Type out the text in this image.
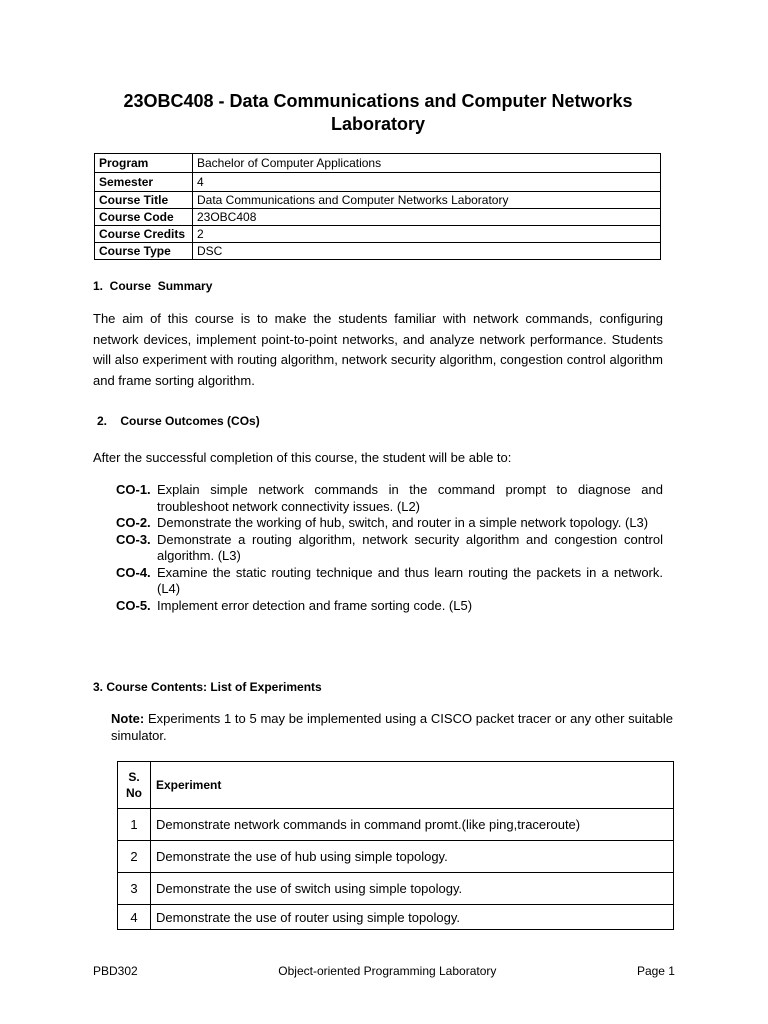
23OBC408 - Data Communications and Computer Networks Laboratory
Program	Bachelor of Computer Applications
Semester	4
Course Title	Data Communications and Computer Networks Laboratory
Course Code	23OBC408
Course Credits	2
Course Type	DSC
1.  Course  Summary
The aim of this course is to make the students familiar with network commands, configuring network devices, implement point-to-point networks, and analyze network performance. Students will also experiment with routing algorithm, network security algorithm, congestion control algorithm and frame sorting algorithm.
2.    Course Outcomes (COs)
After the successful completion of this course, the student will be able to:
CO-1. Explain simple network commands in the command prompt to diagnose and troubleshoot network connectivity issues. (L2)
CO-2. Demonstrate the working of hub, switch, and router in a simple network topology. (L3)
CO-3. Demonstrate a routing algorithm, network security algorithm and congestion control algorithm. (L3)
CO-4. Examine the static routing technique and thus learn routing the packets in a network.(L4)
CO-5. Implement error detection and frame sorting code. (L5)
3. Course Contents: List of Experiments
Note: Experiments 1 to 5 may be implemented using a CISCO packet tracer or any other suitable simulator.
S. No	Experiment
1	Demonstrate network commands in command promt.(like ping,traceroute)
2	Demonstrate the use of hub using simple topology.
3	Demonstrate the use of switch using simple topology.
4	Demonstrate the use of router using simple topology.
PBD302	Object-oriented Programming Laboratory	Page 1
